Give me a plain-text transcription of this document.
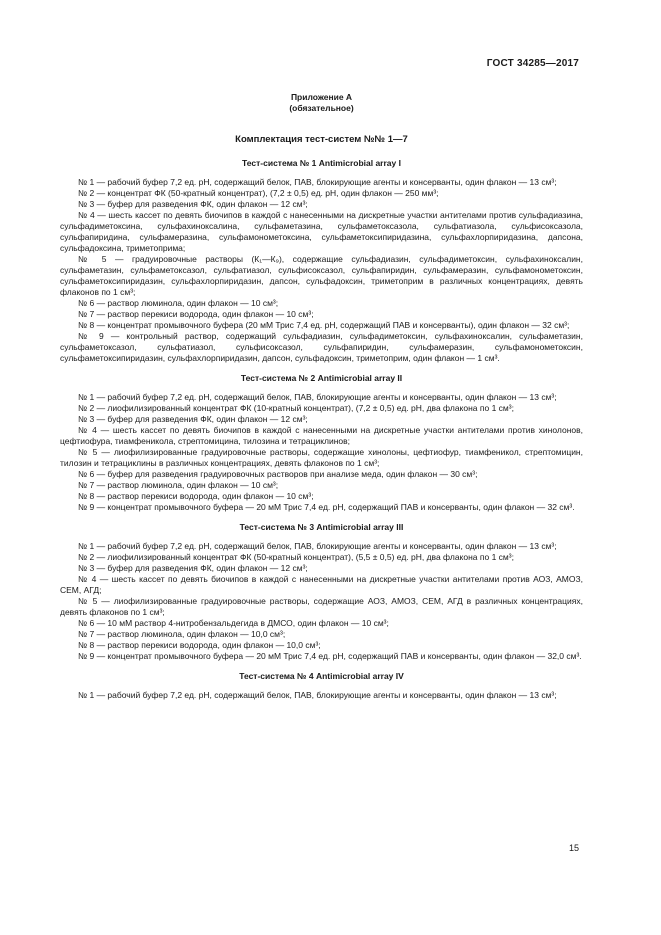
ГОСТ 34285—2017
Приложение А
(обязательное)
Комплектация тест-систем №№ 1—7
Тест-система № 1 Antimicrobial array I

№ 1 — рабочий буфер 7,2 ед. рН, содержащий белок, ПАВ, блокирующие агенты и консерванты, один флакон — 13 см³;

№ 2 — концентрат ФК (50-кратный концентрат), (7,2 ± 0,5) ед. рН, один флакон — 250 мм³;

№ 3 — буфер для разведения ФК, один флакон — 12 см³;

№ 4 — шесть кассет по девять биочипов в каждой с нанесенными на дискретные участки антителами против сульфадиазина, сульфадиметоксина, сульфахиноксалина, сульфаметазина, сульфаметоксазола, сульфатиазола, сульфисоксазола, сульфапиридина, сульфамеразина, сульфамонометоксина, сульфаметоксипиридазина, сульфахлорпиридазина, дапсона, сульфадоксина, триметоприма;

№ 5 — градуировочные растворы (К₁—К₉), содержащие сульфадиазин, сульфадиметоксин, сульфахиноксалин, сульфаметазин, сульфаметоксазол, сульфатиазол, сульфисоксазол, сульфапиридин, сульфамеразин, сульфамонометоксин, сульфаметоксипиридазин, сульфахлорпиридазин, дапсон, сульфадоксин, триметоприм в различных концентрациях, девять флаконов по 1 см³;

№ 6 — раствор люминола, один флакон — 10 см³;

№ 7 — раствор перекиси водорода, один флакон — 10 см³;

№ 8 — концентрат промывочного буфера (20 мМ Трис 7,4 ед. рН, содержащий ПАВ и консерванты), один флакон — 32 см³;

№ 9 — контрольный раствор, содержащий сульфадиазин, сульфадиметоксин, сульфахиноксалин, сульфаметазин, сульфаметоксазол, сульфатиазол, сульфисоксазол, сульфапиридин, сульфамеразин, сульфамонометоксин, сульфаметоксипиридазин, сульфахлорпиридазин, дапсон, сульфадоксин, триметоприм, один флакон — 1 см³.

Тест-система № 2 Antimicrobial array II

№ 1 — рабочий буфер 7,2 ед. рН, содержащий белок, ПАВ, блокирующие агенты и консерванты, один флакон — 13 см³;

№ 2 — лиофилизированный концентрат ФК (10-кратный концентрат), (7,2 ± 0,5) ед. рН, два флакона по 1 см³;

№ 3 — буфер для разведения ФК, один флакон — 12 см³;

№ 4 — шесть кассет по девять биочипов в каждой с нанесенными на дискретные участки антителами против хинолонов, цефтиофура, тиамфеникола, стрептомицина, тилозина и тетрациклинов;

№ 5 — лиофилизированные градуировочные растворы, содержащие хинолоны, цефтиофур, тиамфеникол, стрептомицин, тилозин и тетрациклины в различных концентрациях, девять флаконов по 1 см³;

№ 6 — буфер для разведения градуировочных растворов при анализе меда, один флакон — 30 см³;

№ 7 — раствор люминола, один флакон — 10 см³;

№ 8 — раствор перекиси водорода, один флакон — 10 см³;

№ 9 — концентрат промывочного буфера — 20 мМ Трис 7,4 ед. рН, содержащий ПАВ и консерванты, один флакон — 32 см³.

Тест-система № 3 Antimicrobial array III

№ 1 — рабочий буфер 7,2 ед. рН, содержащий белок, ПАВ, блокирующие агенты и консерванты, один флакон — 13 см³;

№ 2 — лиофилизированный концентрат ФК (50-кратный концентрат), (5,5 ± 0,5) ед. рН, два флакона по 1 см³;

№ 3 — буфер для разведения ФК, один флакон — 12 см³;

№ 4 — шесть кассет по девять биочипов в каждой с нанесенными на дискретные участки антителами против АОЗ, АМОЗ, СЕМ, АГД;

№ 5 — лиофилизированные градуировочные растворы, содержащие АОЗ, АМОЗ, СЕМ, АГД в различных концентрациях, девять флаконов по 1 см³;

№ 6 — 10 мМ раствор 4-нитробензальдегида в ДМСО, один флакон — 10 см³;

№ 7 — раствор люминола, один флакон — 10,0 см³;

№ 8 — раствор перекиси водорода, один флакон — 10,0 см³;

№ 9 — концентрат промывочного буфера — 20 мМ Трис 7,4 ед. рН, содержащий ПАВ и консерванты, один флакон — 32,0 см³.

Тест-система № 4 Antimicrobial array IV

№ 1 — рабочий буфер 7,2 ед. рН, содержащий белок, ПАВ, блокирующие агенты и консерванты, один флакон — 13 см³;

15
